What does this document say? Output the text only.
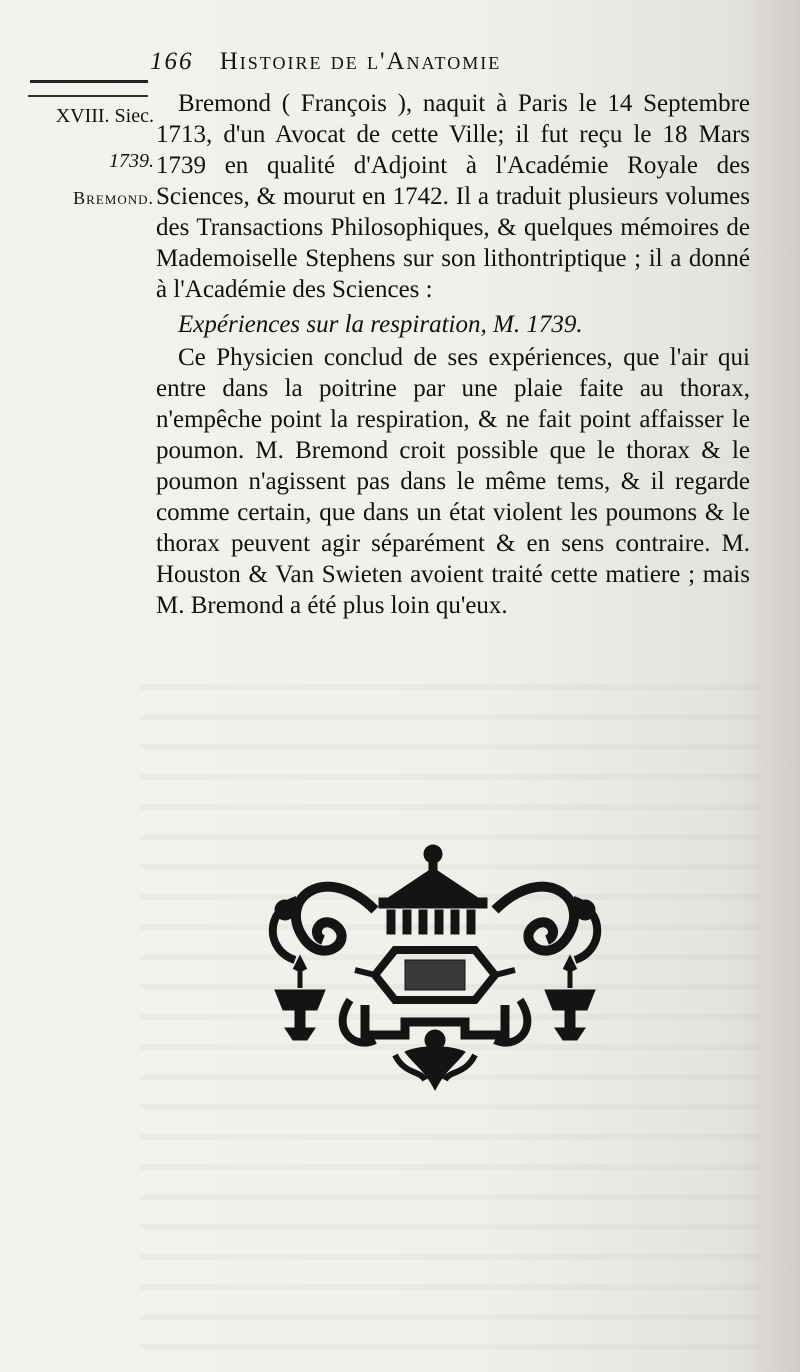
166 Histoire de l'Anatomie
XVIII. Siec.
1739.
Bremond.

Bremond ( François ), naquit à Paris le 14 Septembre 1713, d'un Avocat de cette Ville; il fut reçu le 18 Mars 1739 en qualité d'Adjoint à l'Académie Royale des Sciences, & mourut en 1742. Il a traduit plusieurs volumes des Transactions Philosophiques, & quelques mémoires de Mademoiselle Stephens sur son lithontriptique ; il a donné à l'Académie des Sciences :

Expériences sur la respiration, M. 1739.

Ce Physicien conclud de ses expériences, que l'air qui entre dans la poitrine par une plaie faite au thorax, n'empêche point la respiration, & ne fait point affaisser le poumon. M. Bremond croit possible que le thorax & le poumon n'agissent pas dans le même tems, & il regarde comme certain, que dans un état violent les poumons & le thorax peuvent agir séparément & en sens contraire. M. Houston & Van Swieten avoient traité cette matiere ; mais M. Bremond a été plus loin qu'eux.
